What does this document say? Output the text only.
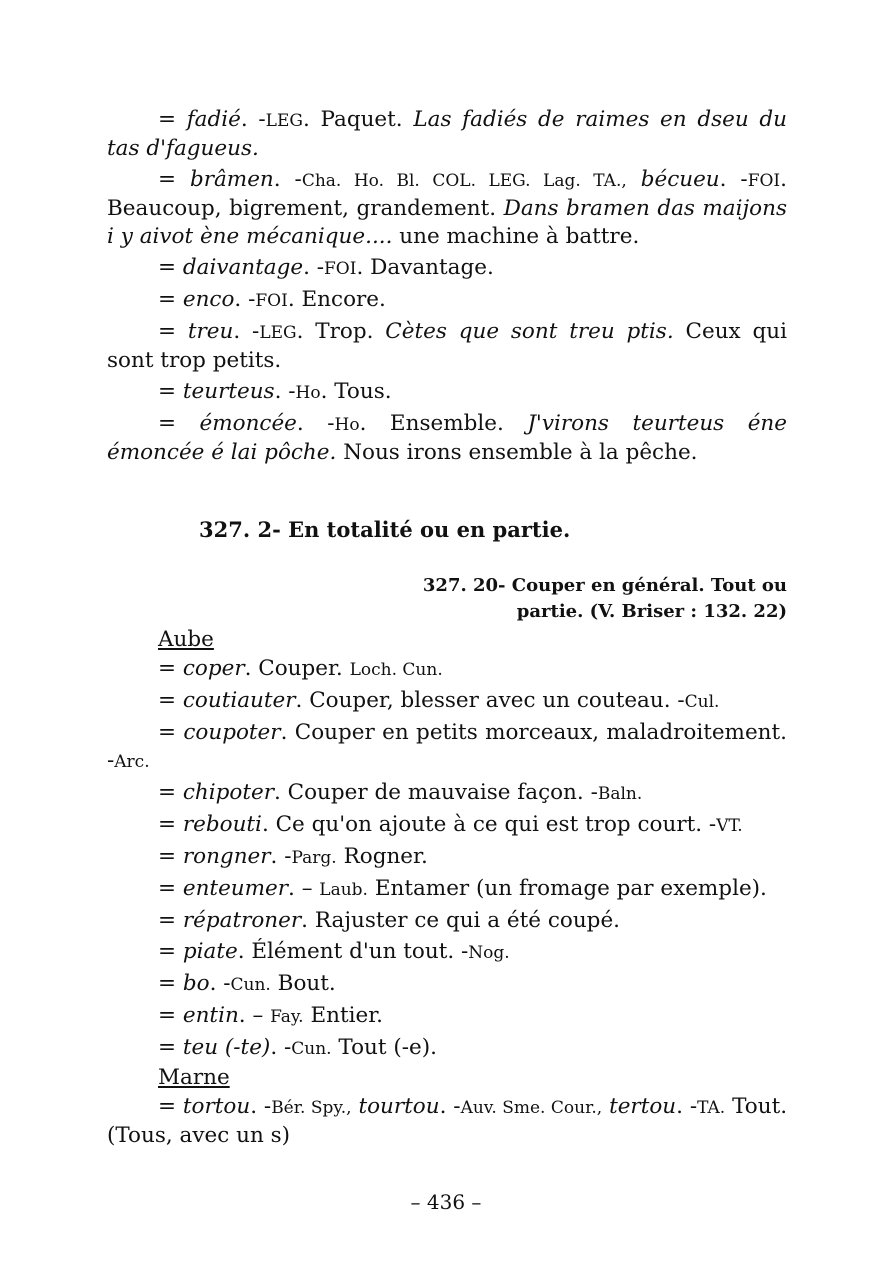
= fadié. -LEG. Paquet. Las fadiés de raimes en dseu du tas d'fagueus.

= brâmen. -Cha. Ho. Bl. COL. LEG. Lag. TA., bécueu. -FOI. Beaucoup, bigrement, grandement. Dans bramen das maijons i y aivot ène mécanique.... une machine à battre.

= daivantage. -FOI. Davantage.

= enco. -FOI. Encore.

= treu. -LEG. Trop. Cètes que sont treu ptis. Ceux qui sont trop petits.

= teurteus. -Ho. Tous.

= émoncée. -Ho. Ensemble. J'virons teurteus éne émoncée é lai pôche. Nous irons ensemble à la pêche.

327. 2- En totalité ou en partie.

327. 20- Couper en général. Tout ou partie. (V. Briser : 132. 22)

Aube

= coper. Couper. Loch. Cun.

= coutiauter. Couper, blesser avec un couteau. -Cul.

= coupoter. Couper en petits morceaux, maladroitement. -Arc.

= chipoter. Couper de mauvaise façon. -Baln.

= rebouti. Ce qu'on ajoute à ce qui est trop court. -VT.

= rongner. -Parg. Rogner.

= enteumer. – Laub. Entamer (un fromage par exemple).

= répatroner. Rajuster ce qui a été coupé.

= piate. Élément d'un tout. -Nog.

= bo. -Cun. Bout.

= entin. – Fay. Entier.

= teu (-te). -Cun. Tout (-e).

Marne

= tortou. -Bér. Spy., tourtou. -Auv. Sme. Cour., tertou. -TA. Tout. (Tous, avec un s)

– 436 –
